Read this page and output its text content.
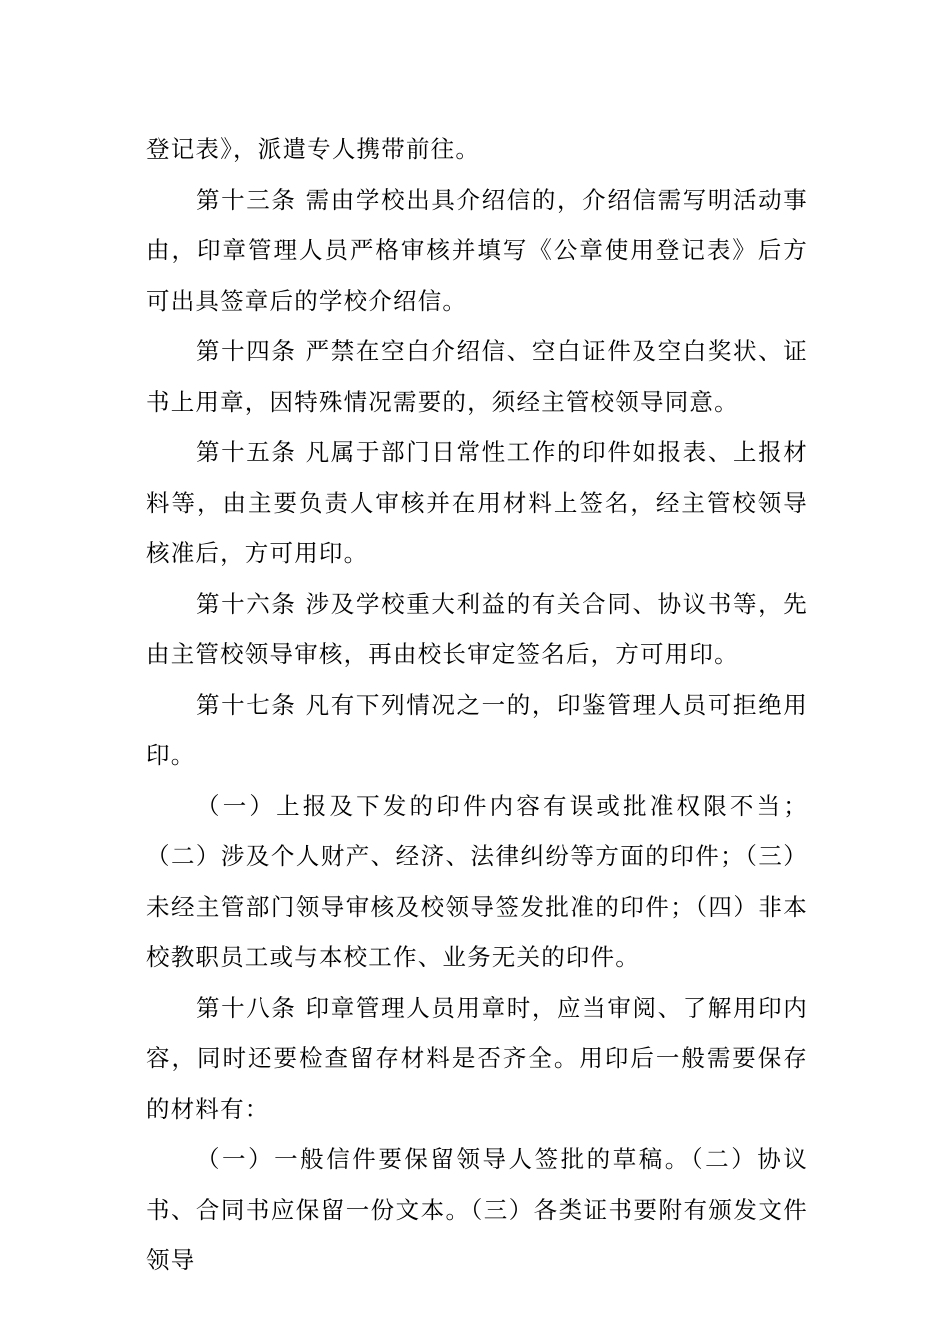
登记表》，派遣专人携带前往。

第十三条 需由学校出具介绍信的，介绍信需写明活动事由，印章管理人员严格审核并填写《公章使用登记表》后方可出具签章后的学校介绍信。

第十四条 严禁在空白介绍信、空白证件及空白奖状、证书上用章，因特殊情况需要的，须经主管校领导同意。

第十五条 凡属于部门日常性工作的印件如报表、上报材料等，由主要负责人审核并在用材料上签名，经主管校领导核准后，方可用印。

第十六条 涉及学校重大利益的有关合同、协议书等，先由主管校领导审核，再由校长审定签名后，方可用印。

第十七条 凡有下列情况之一的，印鉴管理人员可拒绝用印。

（一）上报及下发的印件内容有误或批准权限不当；（二）涉及个人财产、经济、法律纠纷等方面的印件；（三）未经主管部门领导审核及校领导签发批准的印件；（四）非本校教职员工或与本校工作、业务无关的印件。

第十八条 印章管理人员用章时，应当审阅、了解用印内容，同时还要检查留存材料是否齐全。用印后一般需要保存的材料有：

（一）一般信件要保留领导人签批的草稿。（二）协议书、合同书应保留一份文本。（三）各类证书要附有颁发文件领导
